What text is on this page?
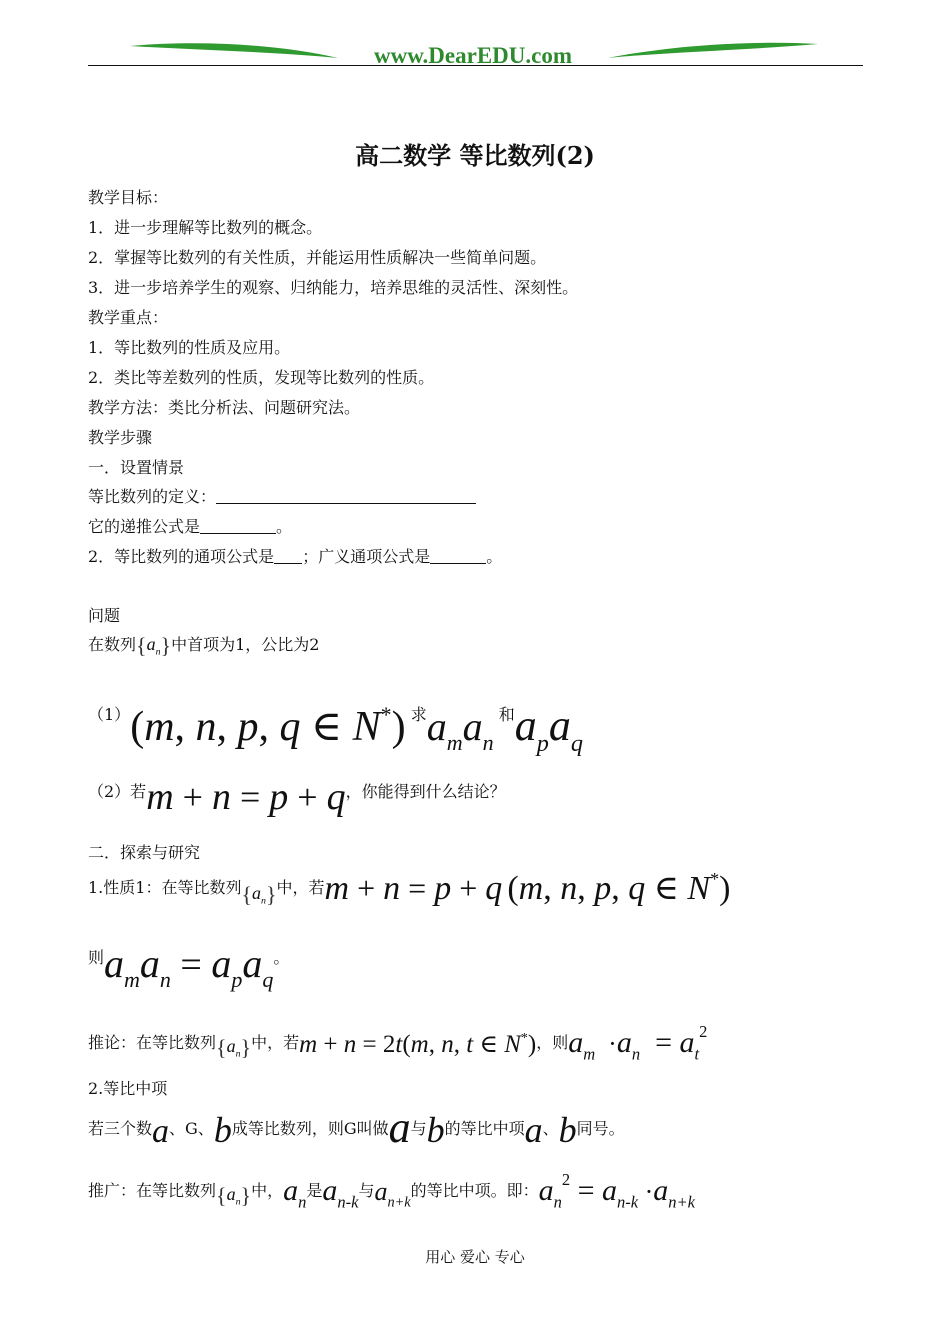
www.DearEDU.com
高二数学 等比数列(2)
教学目标：
1．进一步理解等比数列的概念。
2．掌握等比数列的有关性质，并能运用性质解决一些简单问题。
3．进一步培养学生的观察、归纳能力，培养思维的灵活性、深刻性。
教学重点：
1．等比数列的性质及应用。
2．类比等差数列的性质，发现等比数列的性质。
教学方法：类比分析法、问题研究法。
教学步骤
一．设置情景
等比数列的定义：
它的递推公式是	。
2．等比数列的通项公式是 ；广义通项公式是	。
问题
在数列$\{a_n\}$中首项为1，公比为2
（1）(m, n, p, q ∈ N*) 求$a_ma_n$ 和$a_pa_q$
（2）若m + n = p + q，你能得到什么结论？
二．探索与研究
1.性质1：在等比数列$\{a_n\}$中，若m + n = p + q (m, n, p, q ∈ N*)
则$a_ma_n = a_pa_q$。
推论：在等比数列$\{a_n\}$中，若m + n = 2t(m, n, t ∈ N*)，则$a_m \cdot a_n = a_t^2$
2.等比中项
若三个数a、G、b成等比数列，则G叫做a与b的等比中项a、b同号。
推广：在等比数列$\{a_n\}$中，$a_n$是$a_{n-k}$与$a_{n+k}$的等比中项。即：$a_n^2 = a_{n-k} \cdot a_{n+k}$
用心 爱心 专心
